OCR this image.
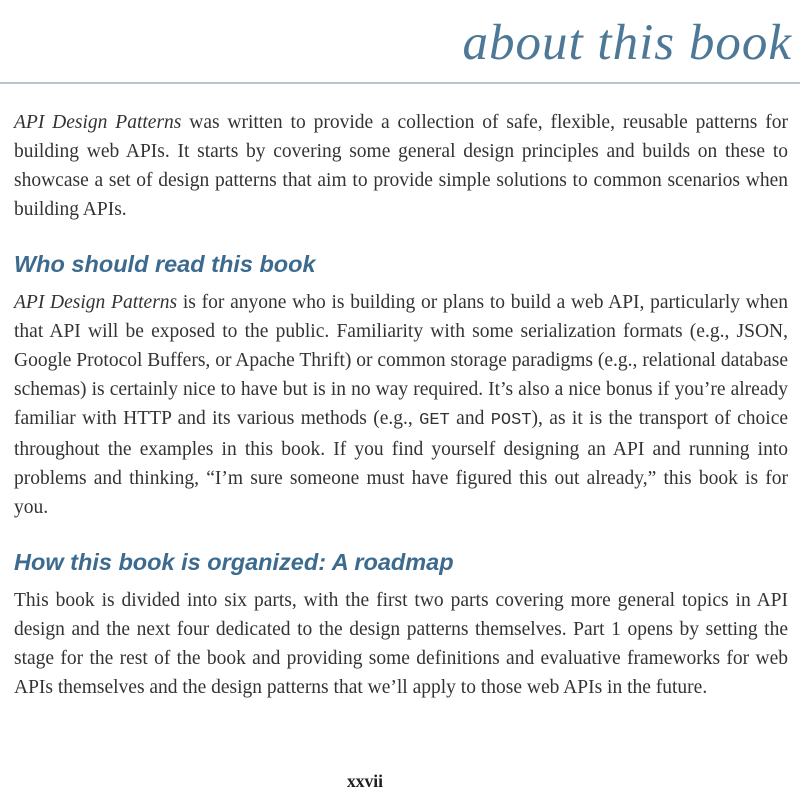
about this book

API Design Patterns was written to provide a collection of safe, flexible, reusable patterns for building web APIs. It starts by covering some general design principles and builds on these to showcase a set of design patterns that aim to provide simple solutions to common scenarios when building APIs.

Who should read this book

API Design Patterns is for anyone who is building or plans to build a web API, particularly when that API will be exposed to the public. Familiarity with some serialization formats (e.g., JSON, Google Protocol Buffers, or Apache Thrift) or common storage paradigms (e.g., relational database schemas) is certainly nice to have but is in no way required. It’s also a nice bonus if you’re already familiar with HTTP and its various methods (e.g., GET and POST), as it is the transport of choice throughout the examples in this book. If you find yourself designing an API and running into problems and thinking, “I’m sure someone must have figured this out already,” this book is for you.

How this book is organized: A roadmap

This book is divided into six parts, with the first two parts covering more general topics in API design and the next four dedicated to the design patterns themselves. Part 1 opens by setting the stage for the rest of the book and providing some definitions and evaluative frameworks for web APIs themselves and the design patterns that we’ll apply to those web APIs in the future.

xxvii
